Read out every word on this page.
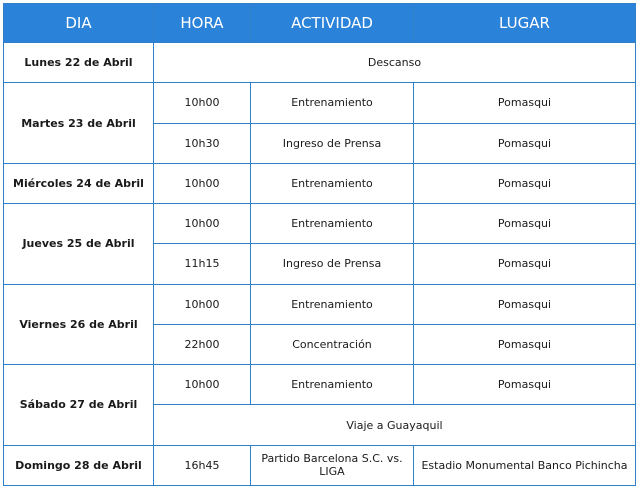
DIA	HORA	ACTIVIDAD	LUGAR
Lunes 22 de Abril	Descanso		
Martes 23 de Abril	10h00	Entrenamiento	Pomasqui
	10h30	Ingreso de Prensa	Pomasqui
Miércoles 24 de Abril	10h00	Entrenamiento	Pomasqui
Jueves 25 de Abril	10h00	Entrenamiento	Pomasqui
	11h15	Ingreso de Prensa	Pomasqui
Viernes 26 de Abril	10h00	Entrenamiento	Pomasqui
	22h00	Concentración	Pomasqui
Sábado 27 de Abril	10h00	Entrenamiento	Pomasqui
	Viaje a Guayaquil		
Domingo 28 de Abril	16h45	Partido Barcelona S.C. vs. LIGA	Estadio Monumental Banco Pichincha
